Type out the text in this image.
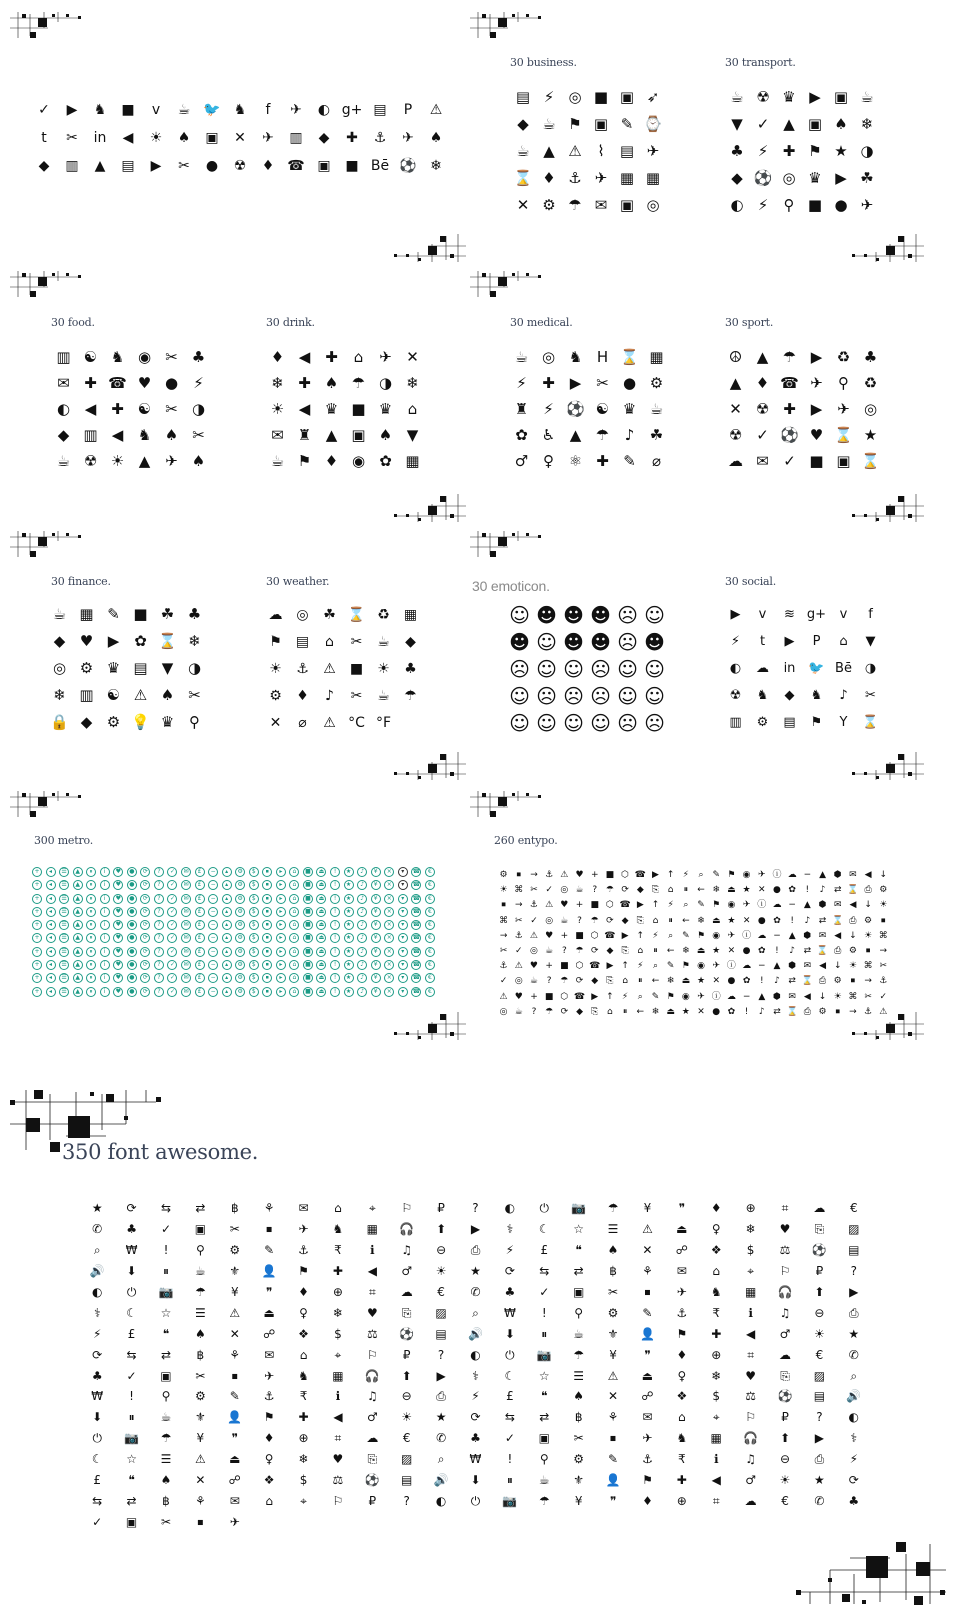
✓ ▶ ♞ ■ v ☕ 🐦 ♞ f ✈ ◐ g+ ▤ P ⚠
t ✂ in ◀ ☀ ♠ ▣ ✕ ✈ ▥ ◆ ✚ ⚓ ✈ ♠
◆ ▥ ▲ ▤ ▶ ✂ ● ☢ ♦ ☎ ▣ ■ Bē ⚽ ❄
30 business.
▤ ⚡ ◎ ■ ▣ ➶
◆ ☕ ⚑ ▣ ✎ ⌚
☕ ▲ ⚠ ⌇ ▤ ✈
⌛ ♦ ⚓ ✈ ▦ ▦
✕ ⚙ ☂ ✉ ▣ ◎
30 transport.
☕ ☢ ♛ ▶ ▣ ☕
▼ ✓ ▲ ▣ ♠ ❄
♣ ⚡ ✚ ⚑ ★ ◑
◆ ⚽ ◎ ♛ ▶ ☘
◐ ⚡ ⚲ ■ ● ✈
30 food.
▥ ☯ ♞ ◉ ✂ ♣
✉ ✚ ☎ ♥ ● ⚡
◐ ◀ ✚ ☯ ✂ ◑
◆ ▥ ◀ ♞ ♠ ✂
☕ ☢ ☀ ▲ ✈ ♠
30 drink.
♦ ◀ ✚ ⌂ ✈ ✕
❄ ✚ ♠ ☂ ◑ ❄
☀ ◀ ♛ ■ ♛ ⌂
✉ ♜ ▲ ▣ ♠ ▼
☕ ⚑ ♦ ◉ ✿ ▦
30 medical.
☕ ◎ ♞ H ⌛ ▦
⚡ ✚ ▶ ✂ ● ⚙
♜ ⚡ ⚽ ☯ ♛ ☕
✿ ♿ ▲ ☂ ♪ ☘
♂ ♀ ⚛ ✚ ✎ ⌀
30 sport.
☮ ▲ ☂ ▶ ♻ ♣
▲ ♦ ☎ ✈ ⚲ ♻
✕ ☢ ✚ ▶ ✈ ◎
☢ ✓ ⚽ ♥ ⌛ ★
☁ ✉ ✓ ■ ▣ ⌛
30 finance.
☕ ▦ ✎ ■ ☘ ♣
◆ ♥ ▶ ✿ ⌛ ❄
◎ ⚙ ♛ ▤ ▼ ◑
❄ ▥ ☯ ⚠ ♠ ✂
🔒 ◆ ⚙ 💡 ♛ ⚲
30 weather.
☁ ◎ ☘ ⌛ ♻ ▦
⚑ ▤ ⌂ ✂ ☕ ◆
☀ ⚓ ⚠ ■ ☀ ♣
⚙ ♦ ♪ ✂ ☕ ☂
✕ ⌀ ⚠ °C °F
30 emoticon.
☺ ☻ ☻ ☻ ☹ ☺
☻ ☺ ☻ ☻ ☹ ☻
☹ ☺ ☺ ☹ ☺ ☺
☺ ☹ ☹ ☹ ☺ ☺
☺ ☺ ☺ ☺ ☹ ☹
30 social.
▶ v ≋ g+ v f
⚡ t ▶ P ⌂ ▼
◐ ☁ in 🐦 Bē ◑
☢ ♞ ◆ ♞ ♪ ✂
▥ ⚙ ▤ ⚑ Y ⌛
300 metro.
+ ◂ ☰ ▲ ⏸ i ♥ ● ⟳ ? ✓ ✉ £ − ▴ ⚙ $ ⏹ ▸ ⌂ ■ ⏏ ! ★ ♪ ¥ × ▾ ☎ €
+ ◂ ☰ ▲ ⏸ i ♥ ● ⟳ ? ✓ ✉ £ − ▴ ⚙ $ ⏹ ▸ ⌂ ■ ⏏ ! ★ ♪ ¥ × ▾ ☎ €
+ ◂ ☰ ▲ ⏸ i ♥ ● ⟳ ? ✓ ✉ £ − ▴ ⚙ $ ⏹ ▸ ⌂ ■ ⏏ ! ★ ♪ ¥ × ▾ ☎ €
+ ◂ ☰ ▲ ⏸ i ♥ ● ⟳ ? ✓ ✉ £ − ▴ ⚙ $ ⏹ ▸ ⌂ ■ ⏏ ! ★ ♪ ¥ × ▾ ☎ €
+ ◂ ☰ ▲ ⏸ i ♥ ● ⟳ ? ✓ ✉ £ − ▴ ⚙ $ ⏹ ▸ ⌂ ■ ⏏ ! ★ ♪ ¥ × ▾ ☎ €
+ ◂ ☰ ▲ ⏸ i ♥ ● ⟳ ? ✓ ✉ £ − ▴ ⚙ $ ⏹ ▸ ⌂ ■ ⏏ ! ★ ♪ ¥ × ▾ ☎ €
+ ◂ ☰ ▲ ⏸ i ♥ ● ⟳ ? ✓ ✉ £ − ▴ ⚙ $ ⏹ ▸ ⌂ ■ ⏏ ! ★ ♪ ¥ × ▾ ☎ €
+ ◂ ☰ ▲ ⏸ i ♥ ● ⟳ ? ✓ ✉ £ − ▴ ⚙ $ ⏹ ▸ ⌂ ■ ⏏ ! ★ ♪ ¥ × ▾ ☎ €
+ ◂ ☰ ▲ ⏸ i ♥ ● ⟳ ? ✓ ✉ £ − ▴ ⚙ $ ⏹ ▸ ⌂ ■ ⏏ ! ★ ♪ ¥ × ▾ ☎ €
+ ◂ ☰ ▲ ⏸ i ♥ ● ⟳ ? ✓ ✉ £ − ▴ ⚙ $ ⏹ ▸ ⌂ ■ ⏏ ! ★ ♪ ¥ × ▾ ☎ €
260 entypo.
⚙ ⏹ → ⚓ ⚠ ♥ + ■ ⬡ ☎ ▶ ↑ ⚡ ⌕ ✎ ⚑ ◉ ✈ ⓘ ☁ − ▲ ⬢ ✉ ◀ ↓
☀ ⌘ ✂ ✓ ◎ ☕ ? ☂ ⟳ ◆ ⎘ ⌂ ⏸ ← ❄ ⏏ ★ ✕ ● ✿ ! ♪ ⇄ ⌛ ⎙ ⚙
⏹ → ⚓ ⚠ ♥ + ■ ⬡ ☎ ▶ ↑ ⚡ ⌕ ✎ ⚑ ◉ ✈ ⓘ ☁ − ▲ ⬢ ✉ ◀ ↓ ☀
⌘ ✂ ✓ ◎ ☕ ? ☂ ⟳ ◆ ⎘ ⌂ ⏸ ← ❄ ⏏ ★ ✕ ● ✿ ! ♪ ⇄ ⌛ ⎙ ⚙ ⏹
→ ⚓ ⚠ ♥ + ■ ⬡ ☎ ▶ ↑ ⚡ ⌕ ✎ ⚑ ◉ ✈ ⓘ ☁ − ▲ ⬢ ✉ ◀ ↓ ☀ ⌘
✂ ✓ ◎ ☕ ? ☂ ⟳ ◆ ⎘ ⌂ ⏸ ← ❄ ⏏ ★ ✕ ● ✿ ! ♪ ⇄ ⌛ ⎙ ⚙ ⏹ →
⚓ ⚠ ♥ + ■ ⬡ ☎ ▶ ↑ ⚡ ⌕ ✎ ⚑ ◉ ✈ ⓘ ☁ − ▲ ⬢ ✉ ◀ ↓ ☀ ⌘ ✂
✓ ◎ ☕ ? ☂ ⟳ ◆ ⎘ ⌂ ⏸ ← ❄ ⏏ ★ ✕ ● ✿ ! ♪ ⇄ ⌛ ⎙ ⚙ ⏹ → ⚓
⚠ ♥ + ■ ⬡ ☎ ▶ ↑ ⚡ ⌕ ✎ ⚑ ◉ ✈ ⓘ ☁ − ▲ ⬢ ✉ ◀ ↓ ☀ ⌘ ✂ ✓
◎ ☕ ? ☂ ⟳ ◆ ⎘ ⌂ ⏸ ← ❄ ⏏ ★ ✕ ● ✿ ! ♪ ⇄ ⌛ ⎙ ⚙ ⏹ → ⚓ ⚠
350 font awesome.
★ ⟳ ⇆ ⇄ ฿ ⚘ ✉ ⌂ ⌖ ⚐ ₽ ? ◐ ⏻ 📷 ☂ ¥ ❞ ♦ ⊕ ⌗ ☁ €
✆ ♣ ✓ ▣ ✂ ⏹ ✈ ♞ ▦ 🎧 ⬆ ▶ ⚕ ☾ ☆ ☰ ⚠ ⏏ ♀ ❄ ♥ ⎘ ▨
⌕ ₩ ! ⚲ ⚙ ✎ ⚓ ₹ ℹ ♫ ⊖ ⎙ ⚡ £ ❝ ♠ ✕ ☍ ❖ $ ⚖ ⚽ ▤
🔊 ⬇ ⏸ ☕ ⚜ 👤 ⚑ ✚ ◀ ♂ ☀ ★ ⟳ ⇆ ⇄ ฿ ⚘ ✉ ⌂ ⌖ ⚐ ₽ ?
◐ ⏻ 📷 ☂ ¥ ❞ ♦ ⊕ ⌗ ☁ € ✆ ♣ ✓ ▣ ✂ ⏹ ✈ ♞ ▦ 🎧 ⬆ ▶
⚕ ☾ ☆ ☰ ⚠ ⏏ ♀ ❄ ♥ ⎘ ▨ ⌕ ₩ ! ⚲ ⚙ ✎ ⚓ ₹ ℹ ♫ ⊖ ⎙
⚡ £ ❝ ♠ ✕ ☍ ❖ $ ⚖ ⚽ ▤ 🔊 ⬇ ⏸ ☕ ⚜ 👤 ⚑ ✚ ◀ ♂ ☀ ★
⟳ ⇆ ⇄ ฿ ⚘ ✉ ⌂ ⌖ ⚐ ₽ ? ◐ ⏻ 📷 ☂ ¥ ❞ ♦ ⊕ ⌗ ☁ € ✆
♣ ✓ ▣ ✂ ⏹ ✈ ♞ ▦ 🎧 ⬆ ▶ ⚕ ☾ ☆ ☰ ⚠ ⏏ ♀ ❄ ♥ ⎘ ▨ ⌕
₩ ! ⚲ ⚙ ✎ ⚓ ₹ ℹ ♫ ⊖ ⎙ ⚡ £ ❝ ♠ ✕ ☍ ❖ $ ⚖ ⚽ ▤ 🔊
⬇ ⏸ ☕ ⚜ 👤 ⚑ ✚ ◀ ♂ ☀ ★ ⟳ ⇆ ⇄ ฿ ⚘ ✉ ⌂ ⌖ ⚐ ₽ ? ◐
⏻ 📷 ☂ ¥ ❞ ♦ ⊕ ⌗ ☁ € ✆ ♣ ✓ ▣ ✂ ⏹ ✈ ♞ ▦ 🎧 ⬆ ▶ ⚕
☾ ☆ ☰ ⚠ ⏏ ♀ ❄ ♥ ⎘ ▨ ⌕ ₩ ! ⚲ ⚙ ✎ ⚓ ₹ ℹ ♫ ⊖ ⎙ ⚡
£ ❝ ♠ ✕ ☍ ❖ $ ⚖ ⚽ ▤ 🔊 ⬇ ⏸ ☕ ⚜ 👤 ⚑ ✚ ◀ ♂ ☀ ★ ⟳
⇆ ⇄ ฿ ⚘ ✉ ⌂ ⌖ ⚐ ₽ ? ◐ ⏻ 📷 ☂ ¥ ❞ ♦ ⊕ ⌗ ☁ € ✆ ♣
✓ ▣ ✂ ⏹ ✈
